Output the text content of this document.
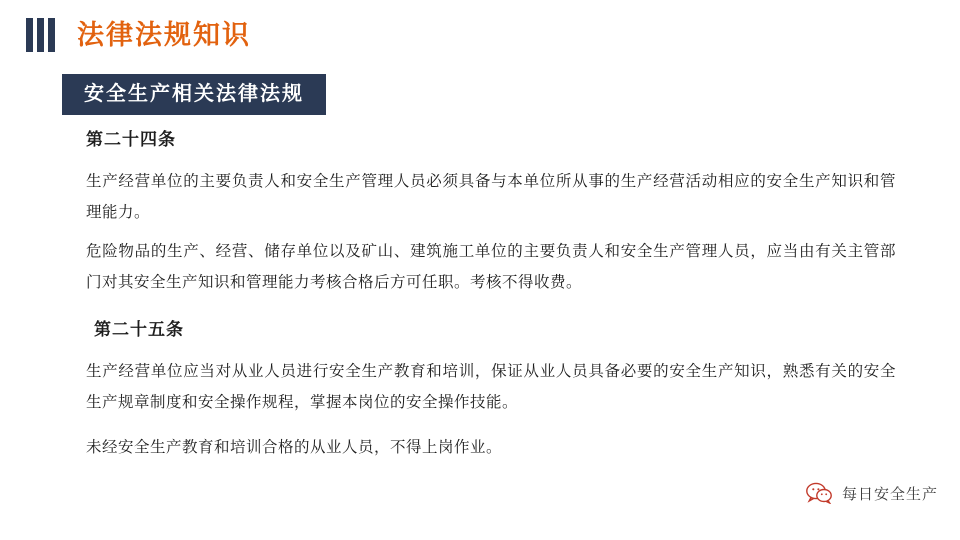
法律法规知识
安全生产相关法律法规
第二十四条

生产经营单位的主要负责人和安全生产管理人员必须具备与本单位所从事的生产经营活动相应的安全生产知识和管理能力。

危险物品的生产、经营、储存单位以及矿山、建筑施工单位的主要负责人和安全生产管理人员，应当由有关主管部门对其安全生产知识和管理能力考核合格后方可任职。考核不得收费。

第二十五条

生产经营单位应当对从业人员进行安全生产教育和培训，保证从业人员具备必要的安全生产知识，熟悉有关的安全生产规章制度和安全操作规程，掌握本岗位的安全操作技能。

未经安全生产教育和培训合格的从业人员，不得上岗作业。

每日安全生产
